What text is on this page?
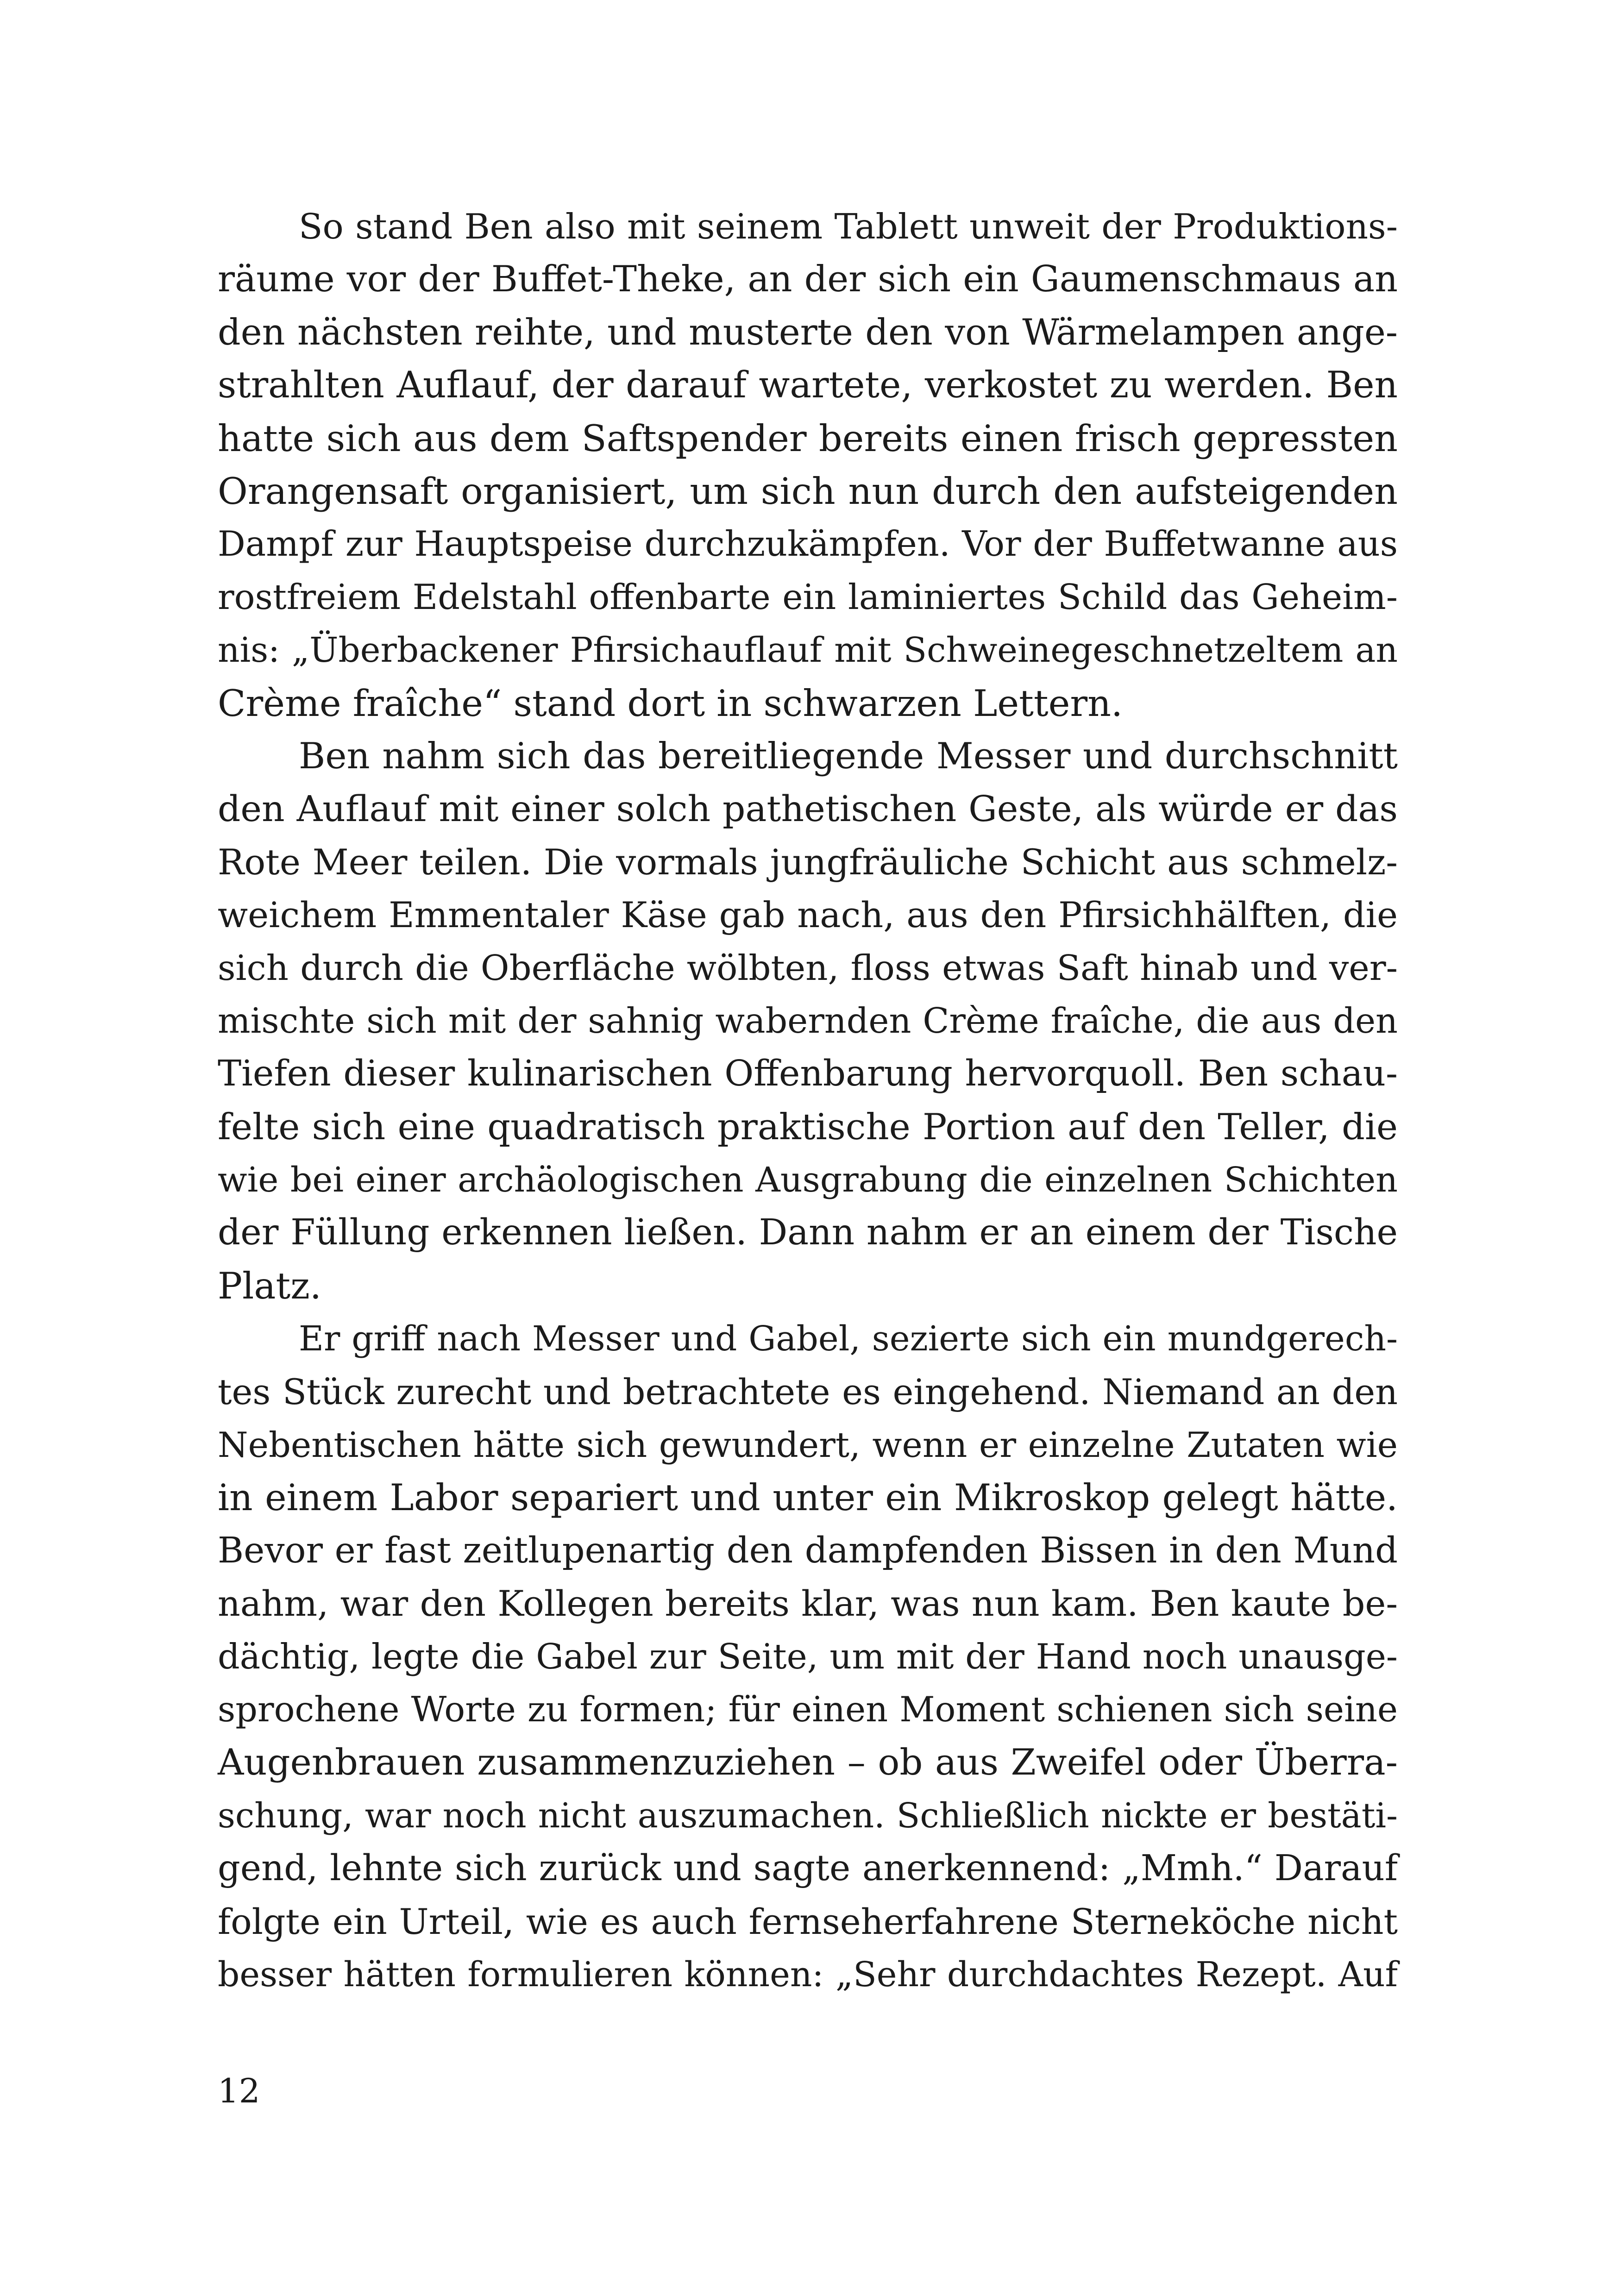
So stand Ben also mit seinem Tablett unweit der Produktions-
räume vor der Buffet-Theke, an der sich ein Gaumenschmaus an
den nächsten reihte, und musterte den von Wärmelampen ange-
strahlten Auflauf, der darauf wartete, verkostet zu werden. Ben
hatte sich aus dem Saftspender bereits einen frisch gepressten
Orangensaft organisiert, um sich nun durch den aufsteigenden
Dampf zur Hauptspeise durchzukämpfen. Vor der Buffetwanne aus
rostfreiem Edelstahl offenbarte ein laminiertes Schild das Geheim-
nis: „Überbackener Pfirsichauflauf mit Schweinegeschnetzeltem an
Crème fraîche“ stand dort in schwarzen Lettern.
Ben nahm sich das bereitliegende Messer und durchschnitt
den Auflauf mit einer solch pathetischen Geste, als würde er das
Rote Meer teilen. Die vormals jungfräuliche Schicht aus schmelz-
weichem Emmentaler Käse gab nach, aus den Pfirsichhälften, die
sich durch die Oberfläche wölbten, floss etwas Saft hinab und ver-
mischte sich mit der sahnig wabernden Crème fraîche, die aus den
Tiefen dieser kulinarischen Offenbarung hervorquoll. Ben schau-
felte sich eine quadratisch praktische Portion auf den Teller, die
wie bei einer archäologischen Ausgrabung die einzelnen Schichten
der Füllung erkennen ließen. Dann nahm er an einem der Tische
Platz.
Er griff nach Messer und Gabel, sezierte sich ein mundgerech-
tes Stück zurecht und betrachtete es eingehend. Niemand an den
Nebentischen hätte sich gewundert, wenn er einzelne Zutaten wie
in einem Labor separiert und unter ein Mikroskop gelegt hätte.
Bevor er fast zeitlupenartig den dampfenden Bissen in den Mund
nahm, war den Kollegen bereits klar, was nun kam. Ben kaute be-
dächtig, legte die Gabel zur Seite, um mit der Hand noch unausge-
sprochene Worte zu formen; für einen Moment schienen sich seine
Augenbrauen zusammenzuziehen – ob aus Zweifel oder Überra-
schung, war noch nicht auszumachen. Schließlich nickte er bestäti-
gend, lehnte sich zurück und sagte anerkennend: „Mmh.“ Darauf
folgte ein Urteil, wie es auch fernseherfahrene Sterneköche nicht
besser hätten formulieren können: „Sehr durchdachtes Rezept. Auf
12
